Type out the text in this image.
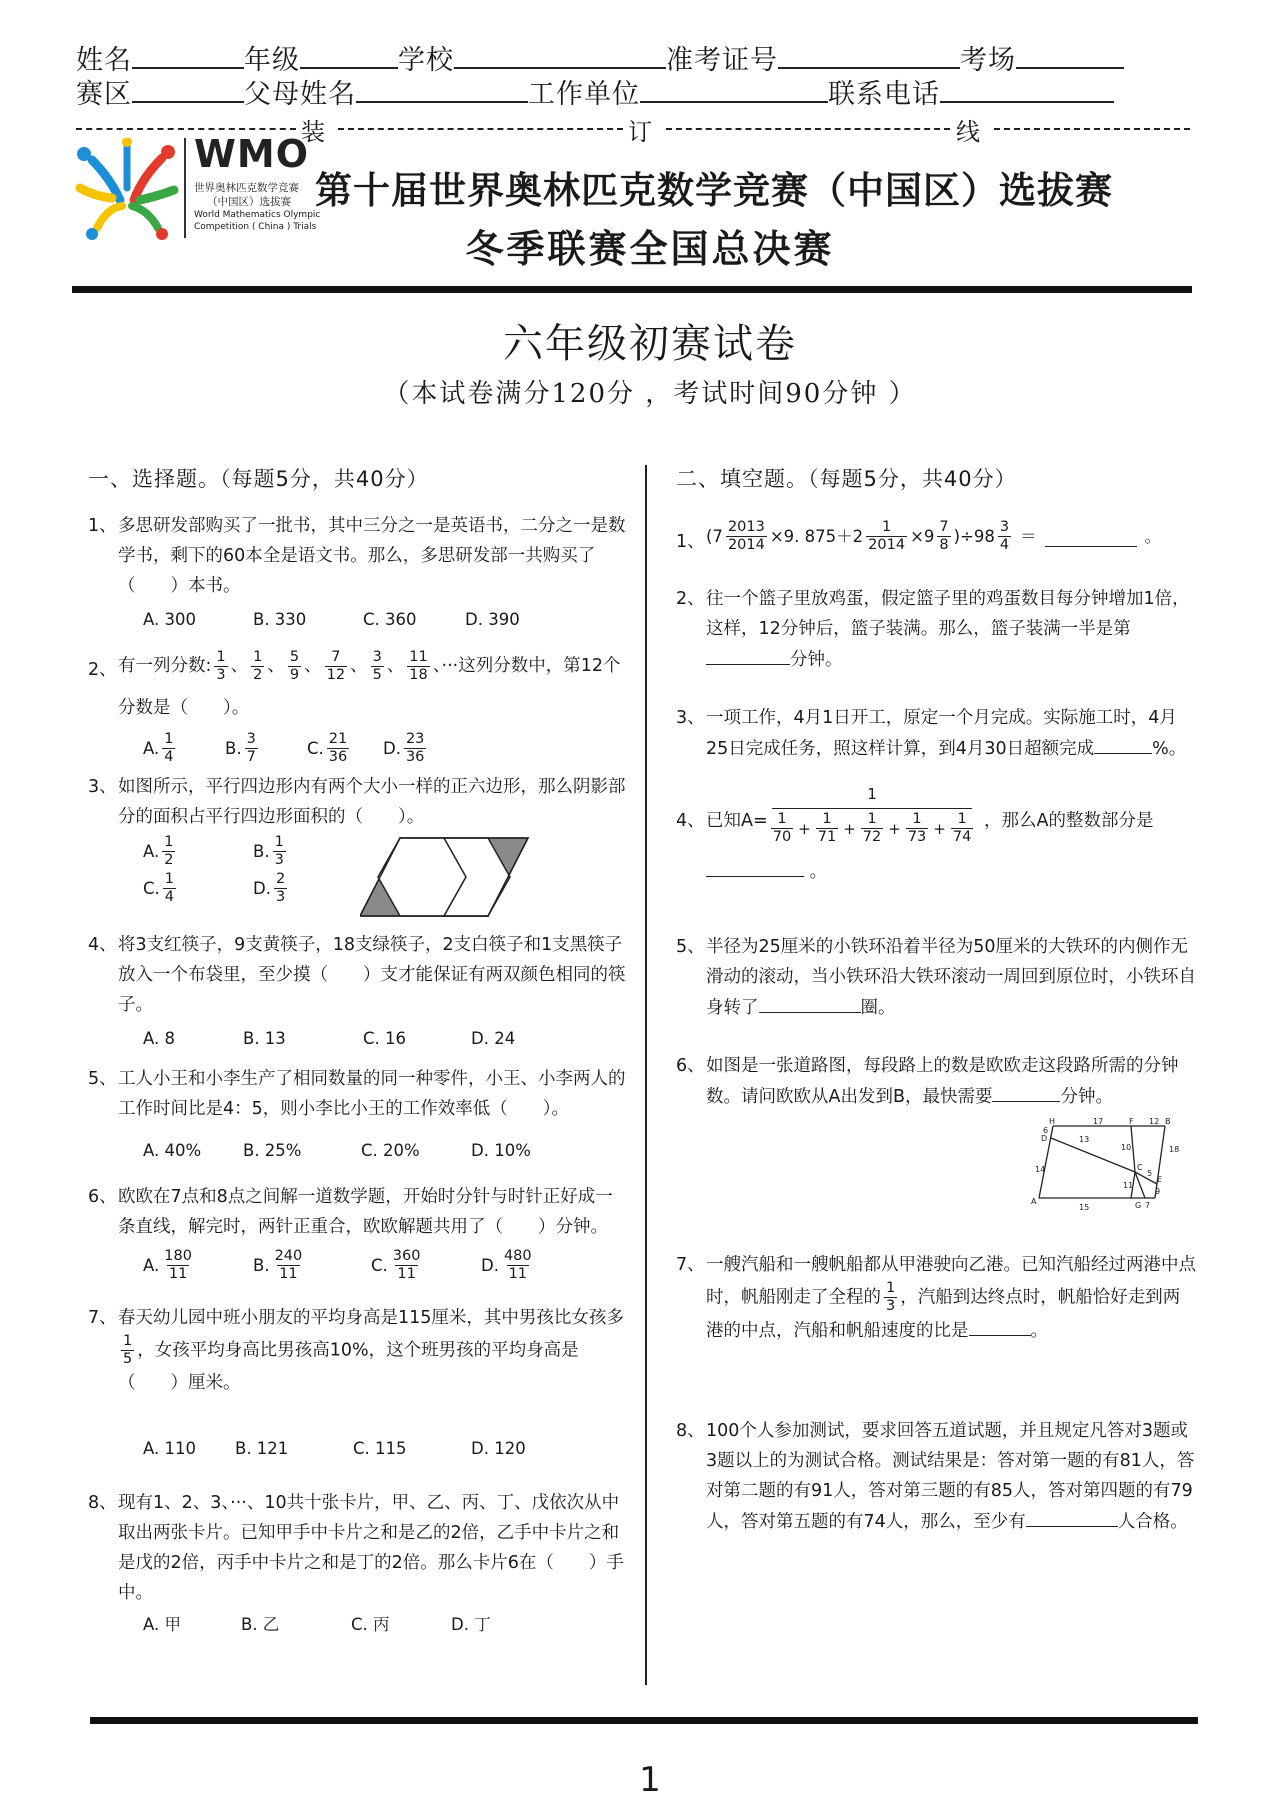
姓名	年级	学校	准考证号	考场
赛区	父母姓名	工作单位	联系电话
装	订	线
WMO
世界奥林匹克数学竞赛
（中国区）选拔赛
World Mathematics Olympic
Competition ( China ) Trials
第十届世界奥林匹克数学竞赛（中国区）选拔赛
冬季联赛全国总决赛
六年级初赛试卷
（本试卷满分120分 ，考试时间90分钟 ）
一、选择题。（每题5分，共40分）
1、 多思研发部购买了一批书，其中三分之一是英语书，二分之一是数学书，剩下的60本全是语文书。那么，多思研发部一共购买了（　　）本书。
A. 300	B. 330	C. 360	D. 390
2、 有一列分数: $\frac{1}{3}$ 、 $\frac{1}{2}$ 、 $\frac{5}{9}$ 、 $\frac{7}{12}$ 、 $\frac{3}{5}$ 、 $\frac{11}{18}$ 、···这列分数中，第12个分数是（　　）。
A. $\frac{1}{4}$	B. $\frac{3}{7}$	C. $\frac{21}{36} D$. $\frac{23}{36}$
3、 如图所示，平行四边形内有两个大小一样的正六边形，那么阴影部分的面积占平行四边形面积的（　　）。
A. $\frac{1}{2}$	B. $\frac{1}{3}$
C. $\frac{1}{4}$	D. $\frac{2}{3}$
4、 将3支红筷子，9支黄筷子，18支绿筷子，2支白筷子和1支黑筷子放入一个布袋里，至少摸（　　）支才能保证有两双颜色相同的筷子。
A. 8	B. 13	C. 16	D. 24
5、 工人小王和小李生产了相同数量的同一种零件，小王、小李两人的工作时间比是4：5，则小李比小王的工作效率低（　　）。
A. 40%	B. 25%	C. 20%	D. 10%
6、 欧欧在7点和8点之间解一道数学题，开始时分针与时针正好成一条直线，解完时，两针正重合，欧欧解题共用了（　　）分钟。
A. $\frac{180}{11}$	B. $\frac{240}{11}$	C. $\frac{360}{11}$	D. $\frac{480}{11}$
7、 春天幼儿园中班小朋友的平均身高是115厘米，其中男孩比女孩多
$\frac{1}{5}$ ，女孩平均身高比男孩高10%，这个班男孩的平均身高是（　　）厘米。
A. 110	B. 121	C. 115	D. 120
8、 现有1、2、3、···、10共十张卡片，甲、乙、丙、丁、戊依次从中取出两张卡片。已知甲手中卡片之和是乙的2倍，乙手中卡片之和是戊的2倍，丙手中卡片之和是丁的2倍。那么卡片6在（　　）手中。
A. 甲	B. 乙	C. 丙	D. 丁
二、填空题。（每题5分，共40分）
1、 ($7 \frac{2013}{2014} \times 9$. $875+2 \frac{1}{2014} \times 9 \frac{7}{8} )\div 98 \frac{3}{4}$ ＝	。
2、 往一个篮子里放鸡蛋，假定篮子里的鸡蛋数目每分钟增加1倍，这样，12分钟后，篮子装满。那么，篮子装满一半是第分钟。
3、 一项工作，4月1日开工，原定一个月完成。实际施工时，4月25日完成任务，照这样计算，到4月30日超额完成	%。
4、 已知A=
1
$\frac{1}{70} + \frac{1}{71} + \frac{1}{72} + \frac{1}{73} + \frac{1}{74}$ ，那么A的整数部分是
。
5、 半径为25厘米的小铁环沿着半径为50厘米的大铁环的内侧作无滑动的滚动，当小铁环沿大铁环滚动一周回到原位时，小铁环自身转了	圈。
6、 如图是一张道路图，每段路上的数是欧欧走这段路所需的分钟数。请问欧欧从A出发到B，最快需要	分钟。
H	F	B
D
C
E
A	G
17	12
6
13
10	18
14	5
11
9
15	7
7、 一艘汽船和一艘帆船都从甲港驶向乙港。已知汽船经过两港中点时，帆船刚走了全程的 $\frac{1}{3}$ ，汽船到达终点时，帆船恰好走到两港的中点，汽船和帆船速度的比是	。
8、 100个人参加测试，要求回答五道试题，并且规定凡答对3题或3题以上的为测试合格。测试结果是：答对第一题的有81人，答对第二题的有91人，答对第三题的有85人，答对第四题的有79人，答对第五题的有74人，那么，至少有	人合格。
1
